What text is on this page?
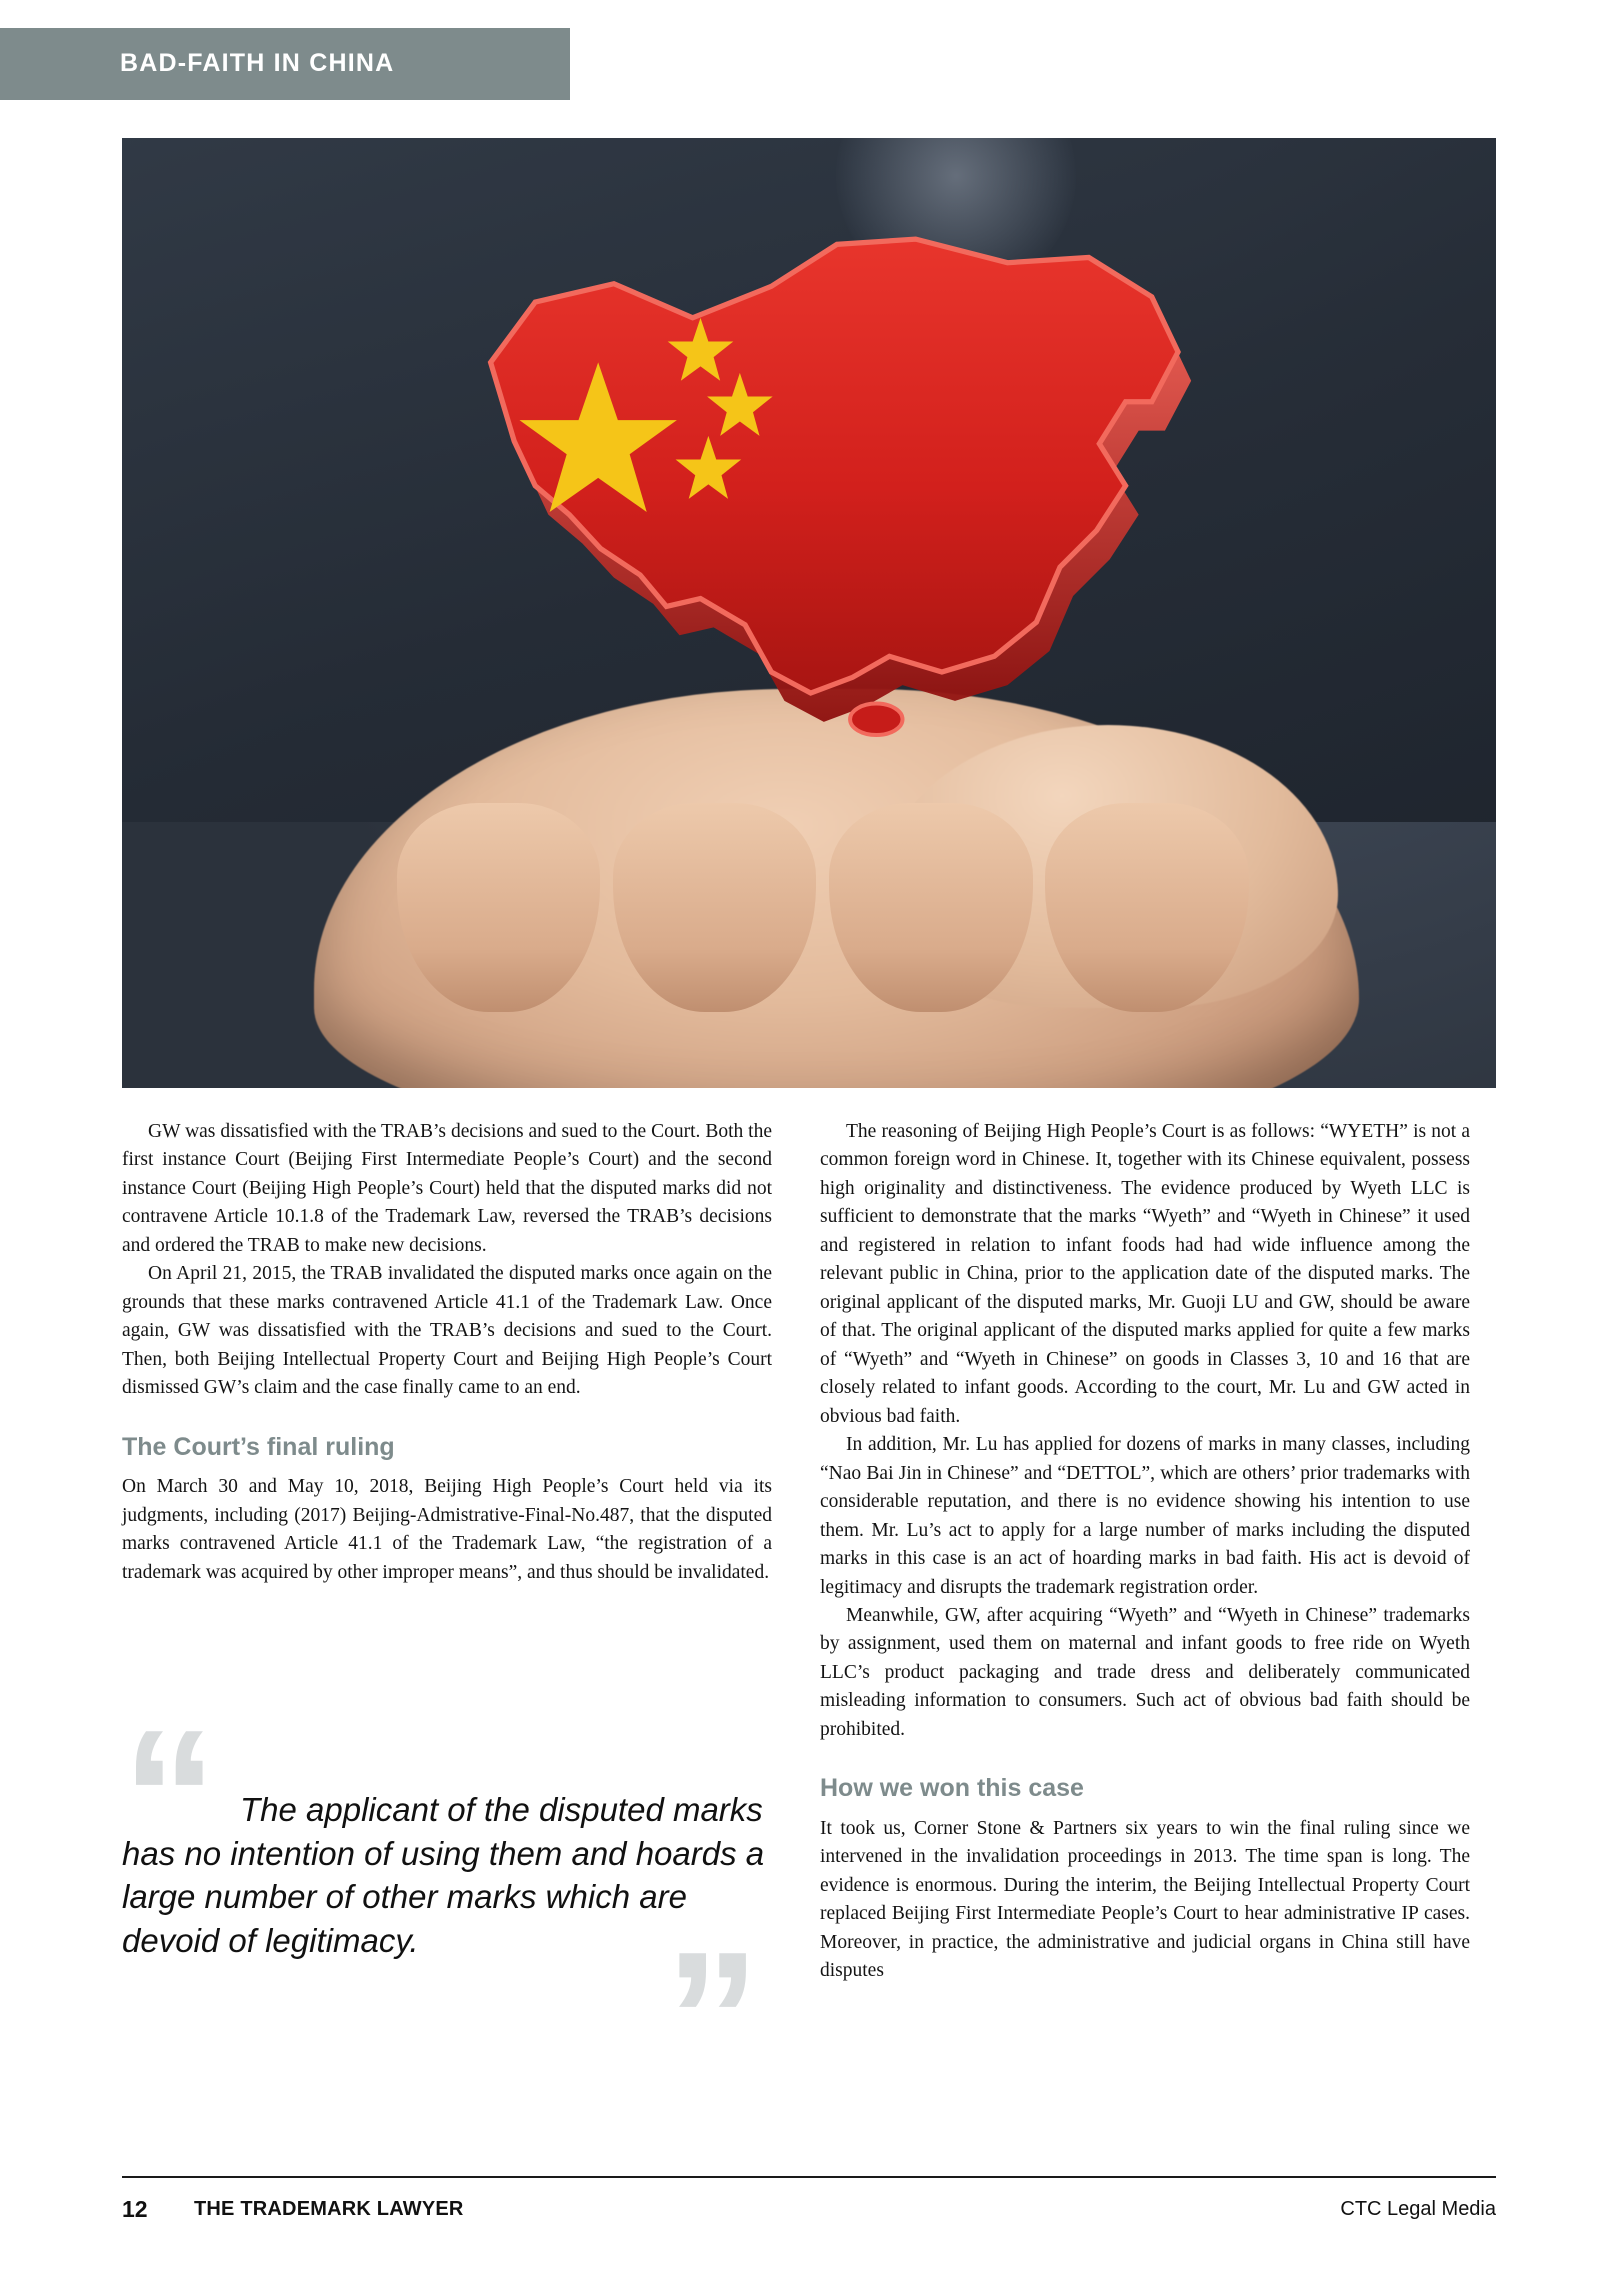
BAD-FAITH IN CHINA

GW was dissatisfied with the TRAB’s decisions and sued to the Court. Both the first instance Court (Beijing First Intermediate People’s Court) and the second instance Court (Beijing High People’s Court) held that the disputed marks did not contravene Article 10.1.8 of the Trademark Law, reversed the TRAB’s decisions and ordered the TRAB to make new decisions.

On April 21, 2015, the TRAB invalidated the disputed marks once again on the grounds that these marks contravened Article 41.1 of the Trademark Law. Once again, GW was dissatisfied with the TRAB’s decisions and sued to the Court. Then, both Beijing Intellectual Property Court and Beijing High People’s Court dismissed GW’s claim and the case finally came to an end.

The Court’s final ruling

On March 30 and May 10, 2018, Beijing High People’s Court held via its judgments, including (2017) Beijing-Admistrative-Final-No.487, that the disputed marks contravened Article 41.1 of the Trademark Law, “the registration of a trademark was acquired by other improper means”, and thus should be invalidated.

“ The applicant of the disputed marks has no intention of using them and hoards a large number of other marks which are devoid of legitimacy.	”

The reasoning of Beijing High People’s Court is as follows: “WYETH” is not a common foreign word in Chinese. It, together with its Chinese equivalent, possess high originality and distinctiveness. The evidence produced by Wyeth LLC is sufficient to demonstrate that the marks “Wyeth” and “Wyeth in Chinese” it used and registered in relation to infant foods had had wide influence among the relevant public in China, prior to the application date of the disputed marks. The original applicant of the disputed marks, Mr. Guoji LU and GW, should be aware of that. The original applicant of the disputed marks applied for quite a few marks of “Wyeth” and “Wyeth in Chinese” on goods in Classes 3, 10 and 16 that are closely related to infant goods. According to the court, Mr. Lu and GW acted in obvious bad faith.

In addition, Mr. Lu has applied for dozens of marks in many classes, including “Nao Bai Jin in Chinese” and “DETTOL”, which are others’ prior trademarks with considerable reputation, and there is no evidence showing his intention to use them. Mr. Lu’s act to apply for a large number of marks including the disputed marks in this case is an act of hoarding marks in bad faith. His act is devoid of legitimacy and disrupts the trademark registration order.

Meanwhile, GW, after acquiring “Wyeth” and “Wyeth in Chinese” trademarks by assignment, used them on maternal and infant goods to free ride on Wyeth LLC’s product packaging and trade dress and deliberately communicated misleading information to consumers. Such act of obvious bad faith should be prohibited.

How we won this case

It took us, Corner Stone & Partners six years to win the final ruling since we intervened in the invalidation proceedings in 2013. The time span is long. The evidence is enormous. During the interim, the Beijing Intellectual Property Court replaced Beijing First Intermediate People’s Court to hear administrative IP cases. Moreover, in practice, the administrative and judicial organs in China still have disputes

12 THE TRADEMARK LAWYER	CTC Legal Media
